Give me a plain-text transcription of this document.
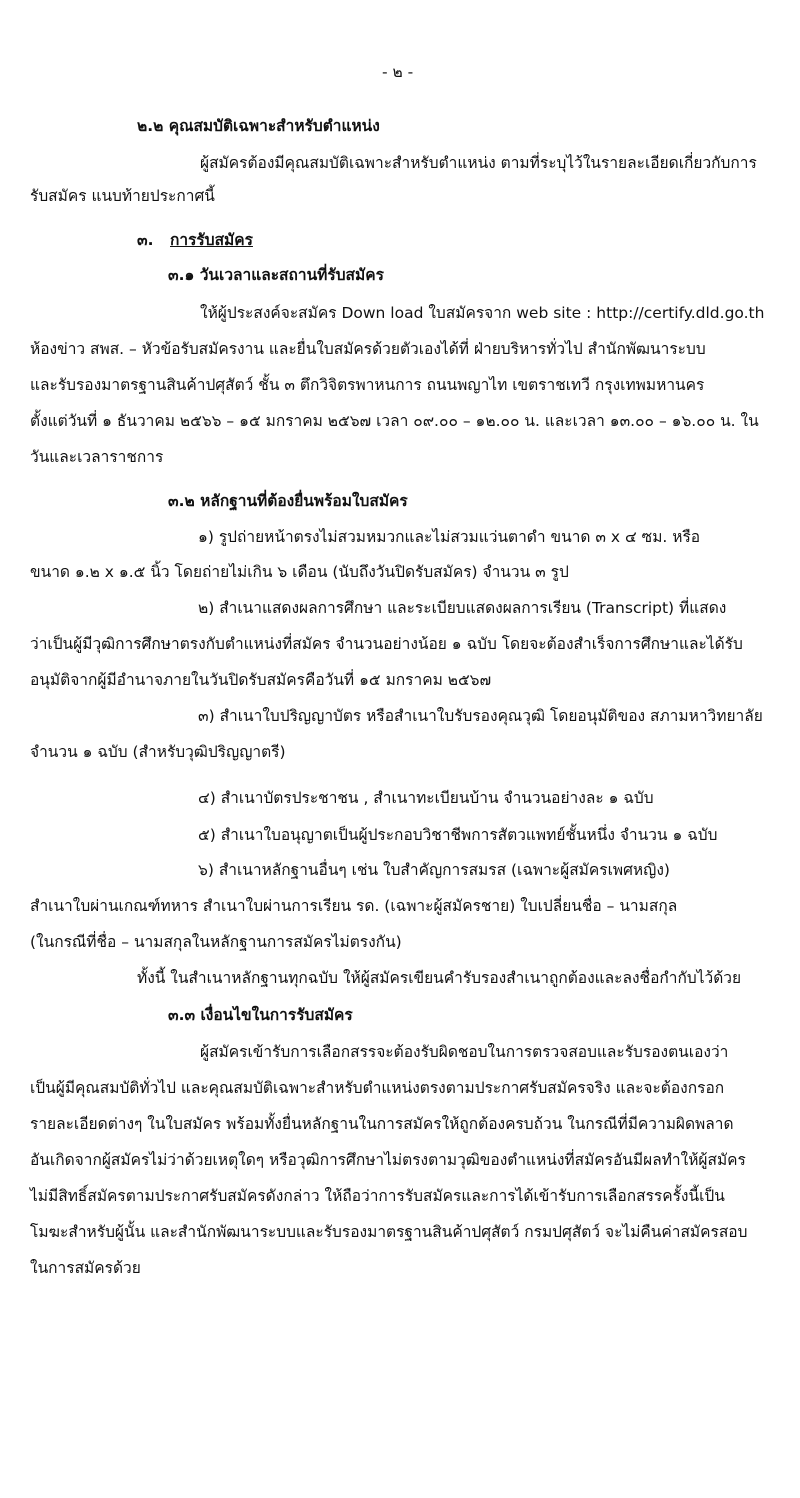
- ๒ -
๒.๒ คุณสมบัติเฉพาะสำหรับตำแหน่ง
ผู้สมัครต้องมีคุณสมบัติเฉพาะสำหรับตำแหน่ง ตามที่ระบุไว้ในรายละเอียดเกี่ยวกับการ
รับสมัคร แนบท้ายประกาศนี้
๓. การรับสมัคร
๓.๑ วันเวลาและสถานที่รับสมัคร
ให้ผู้ประสงค์จะสมัคร Down load ใบสมัครจาก web site : http://certify.dld.go.th
ห้องข่าว สพส. – หัวข้อรับสมัครงาน และยื่นใบสมัครด้วยตัวเองได้ที่ ฝ่ายบริหารทั่วไป สำนักพัฒนาระบบ
และรับรองมาตรฐานสินค้าปศุสัตว์ ชั้น ๓ ตึกวิจิตรพาหนการ ถนนพญาไท เขตราชเทวี กรุงเทพมหานคร
ตั้งแต่วันที่ ๑ ธันวาคม ๒๕๖๖ – ๑๕ มกราคม ๒๕๖๗ เวลา ๐๙.๐๐ – ๑๒.๐๐ น. และเวลา ๑๓.๐๐ – ๑๖.๐๐ น. ใน
วันและเวลาราชการ
๓.๒ หลักฐานที่ต้องยื่นพร้อมใบสมัคร
๑) รูปถ่ายหน้าตรงไม่สวมหมวกและไม่สวมแว่นตาดำ ขนาด ๓ x ๔ ซม. หรือ
ขนาด ๑.๒ x ๑.๕ นิ้ว โดยถ่ายไม่เกิน ๖ เดือน (นับถึงวันปิดรับสมัคร) จำนวน ๓ รูป
๒) สำเนาแสดงผลการศึกษา และระเบียบแสดงผลการเรียน (Transcript) ที่แสดง
ว่าเป็นผู้มีวุฒิการศึกษาตรงกับตำแหน่งที่สมัคร จำนวนอย่างน้อย ๑ ฉบับ โดยจะต้องสำเร็จการศึกษาและได้รับ
อนุมัติจากผู้มีอำนาจภายในวันปิดรับสมัครคือวันที่ ๑๕ มกราคม ๒๕๖๗
๓) สำเนาใบปริญญาบัตร หรือสำเนาใบรับรองคุณวุฒิ โดยอนุมัติของ สภามหาวิทยาลัย
จำนวน ๑ ฉบับ (สำหรับวุฒิปริญญาตรี)
๔) สำเนาบัตรประชาชน , สำเนาทะเบียนบ้าน จำนวนอย่างละ ๑ ฉบับ
๕) สำเนาใบอนุญาตเป็นผู้ประกอบวิชาชีพการสัตวแพทย์ชั้นหนึ่ง จำนวน ๑ ฉบับ
๖) สำเนาหลักฐานอื่นๆ เช่น ใบสำคัญการสมรส (เฉพาะผู้สมัครเพศหญิง)
สำเนาใบผ่านเกณฑ์ทหาร สำเนาใบผ่านการเรียน รด. (เฉพาะผู้สมัครชาย) ใบเปลี่ยนชื่อ – นามสกุล
(ในกรณีที่ชื่อ – นามสกุลในหลักฐานการสมัครไม่ตรงกัน)
ทั้งนี้ ในสำเนาหลักฐานทุกฉบับ ให้ผู้สมัครเขียนคำรับรองสำเนาถูกต้องและลงชื่อกำกับไว้ด้วย
๓.๓ เงื่อนไขในการรับสมัคร
ผู้สมัครเข้ารับการเลือกสรรจะต้องรับผิดชอบในการตรวจสอบและรับรองตนเองว่า
เป็นผู้มีคุณสมบัติทั่วไป และคุณสมบัติเฉพาะสำหรับตำแหน่งตรงตามประกาศรับสมัครจริง และจะต้องกรอก
รายละเอียดต่างๆ ในใบสมัคร พร้อมทั้งยื่นหลักฐานในการสมัครให้ถูกต้องครบถ้วน ในกรณีที่มีความผิดพลาด
อันเกิดจากผู้สมัครไม่ว่าด้วยเหตุใดๆ หรือวุฒิการศึกษาไม่ตรงตามวุฒิของตำแหน่งที่สมัครอันมีผลทำให้ผู้สมัคร
ไม่มีสิทธิ์สมัครตามประกาศรับสมัครดังกล่าว ให้ถือว่าการรับสมัครและการได้เข้ารับการเลือกสรรครั้งนี้เป็น
โมฆะสำหรับผู้นั้น และสำนักพัฒนาระบบและรับรองมาตรฐานสินค้าปศุสัตว์ กรมปศุสัตว์ จะไม่คืนค่าสมัครสอบ
ในการสมัครด้วย
